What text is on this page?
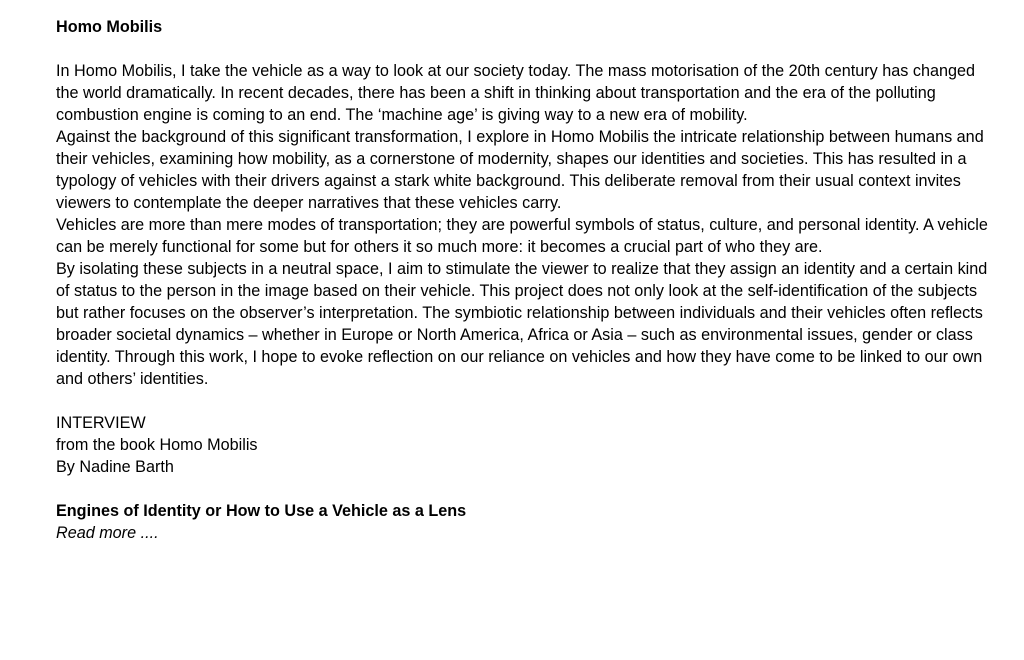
Homo Mobilis

In Homo Mobilis, I take the vehicle as a way to look at our society today. The mass motorisation of the 20th century has changed the world dramatically. In recent decades, there has been a shift in thinking about transportation and the era of the polluting combustion engine is coming to an end. The ‘machine age’ is giving way to a new era of mobility.

Against the background of this significant transformation, I explore in Homo Mobilis the intricate relationship between humans and their vehicles, examining how mobility, as a cornerstone of modernity, shapes our identities and societies. This has resulted in a typology of vehicles with their drivers against a stark white background. This deliberate removal from their usual context invites viewers to contemplate the deeper narratives that these vehicles carry.

Vehicles are more than mere modes of transportation; they are powerful symbols of status, culture, and personal identity. A vehicle can be merely functional for some but for others it so much more: it becomes a crucial part of who they are.

By isolating these subjects in a neutral space, I aim to stimulate the viewer to realize that they assign an identity and a certain kind of status to the person in the image based on their vehicle. This project does not only look at the self-identification of the subjects but rather focuses on the observer’s interpretation. The symbiotic relationship between individuals and their vehicles often reflects broader societal dynamics – whether in Europe or North America, Africa or Asia – such as environmental issues, gender or class identity. Through this work, I hope to evoke reflection on our reliance on vehicles and how they have come to be linked to our own and others’ identities.

INTERVIEW
from the book Homo Mobilis
By Nadine Barth
Engines of Identity or How to Use a Vehicle as a Lens
Read more ....
